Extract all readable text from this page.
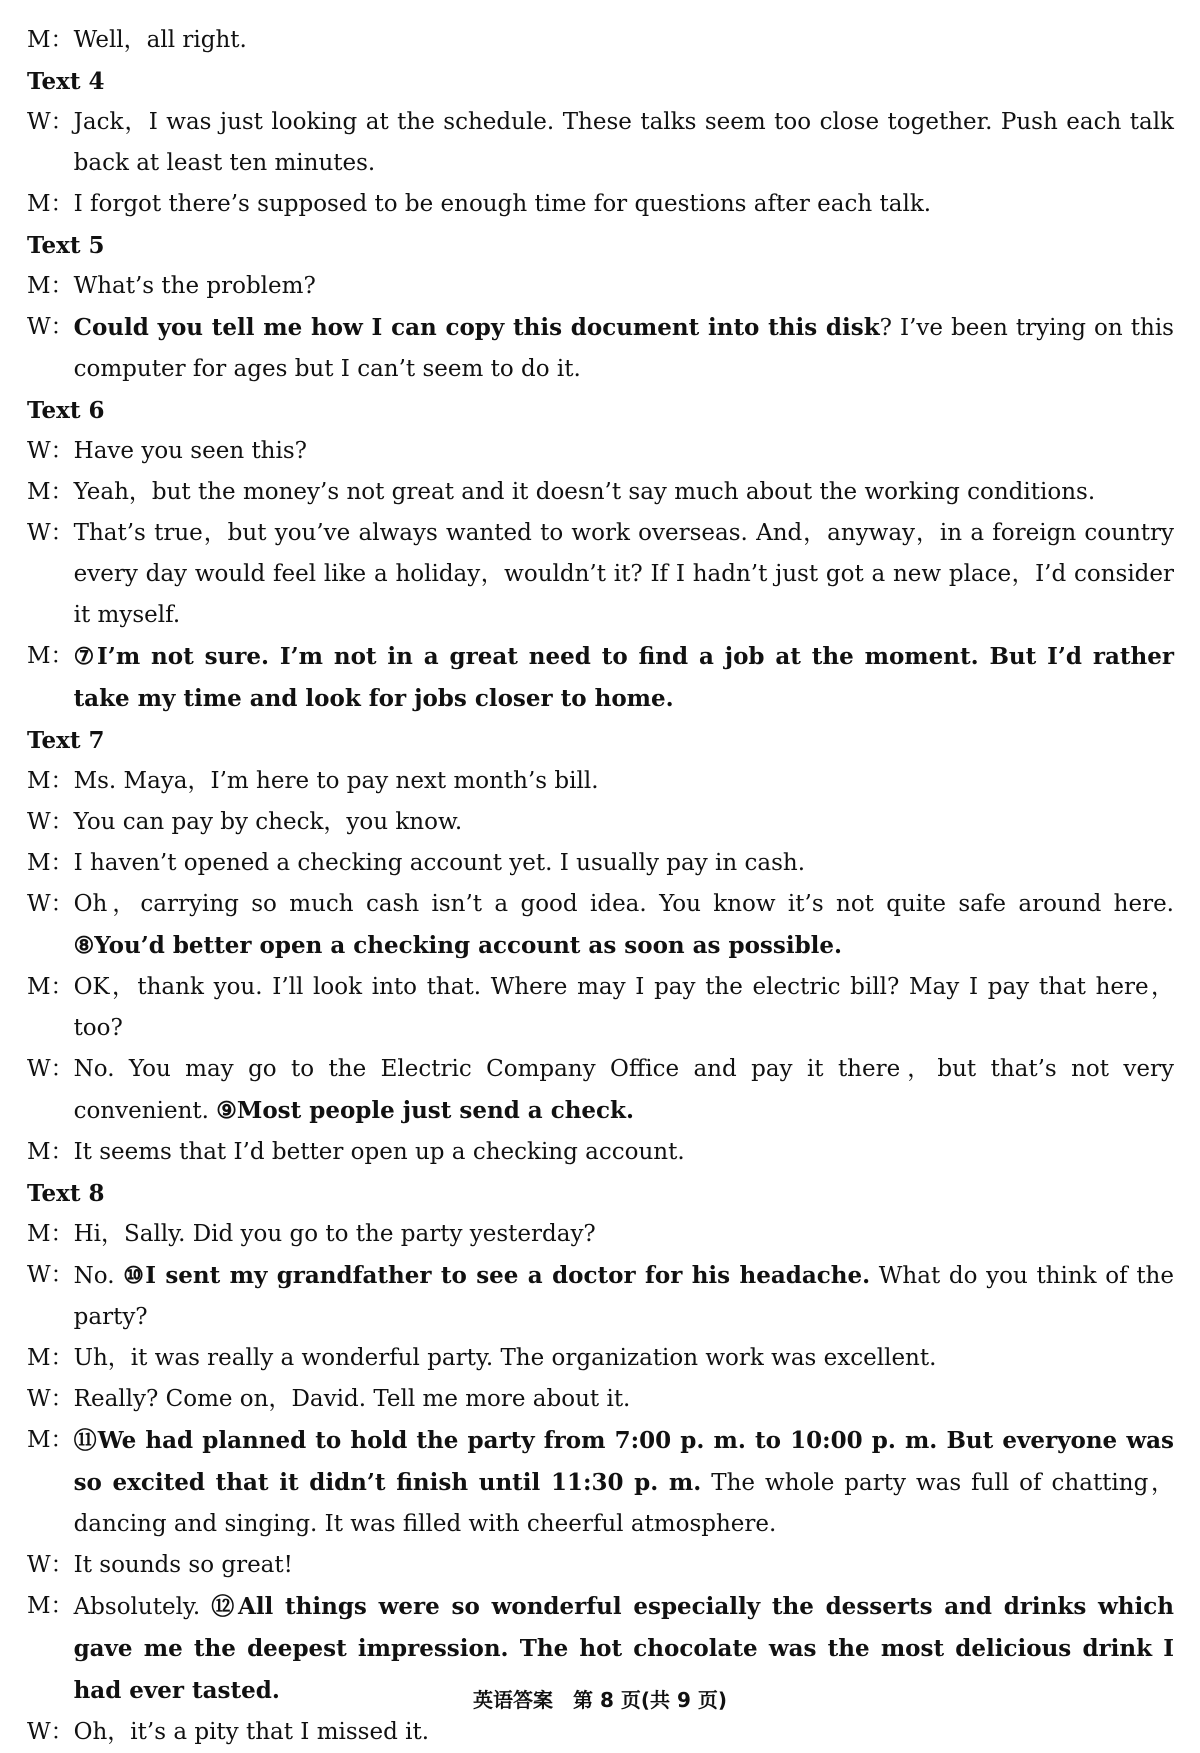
M： Well，all right.
Text 4
W： Jack，I was just looking at the schedule. These talks seem too close together. Push each talk back at least ten minutes.
M： I forgot there’s supposed to be enough time for questions after each talk.
Text 5
M： What’s the problem?
W： Could you tell me how I can copy this document into this disk? I’ve been trying on this computer for ages but I can’t seem to do it.
Text 6
W： Have you seen this?
M： Yeah，but the money’s not great and it doesn’t say much about the working conditions.
W： That’s true，but you’ve always wanted to work overseas. And，anyway，in a foreign country every day would feel like a holiday，wouldn’t it? If I hadn’t just got a new place，I’d consider it myself.
M： ⑦I’m not sure. I’m not in a great need to find a job at the moment. But I’d rather take my time and look for jobs closer to home.
Text 7
M： Ms. Maya，I’m here to pay next month’s bill.
W： You can pay by check，you know.
M： I haven’t opened a checking account yet. I usually pay in cash.
W： Oh，carrying so much cash isn’t a good idea. You know it’s not quite safe around here. ⑧You’d better open a checking account as soon as possible.
M： OK，thank you. I’ll look into that. Where may I pay the electric bill? May I pay that here，too?
W： No. You may go to the Electric Company Office and pay it there，but that’s not very convenient. ⑨Most people just send a check.
M： It seems that I’d better open up a checking account.
Text 8
M： Hi，Sally. Did you go to the party yesterday?
W： No. ⑩I sent my grandfather to see a doctor for his headache. What do you think of the party?
M： Uh，it was really a wonderful party. The organization work was excellent.
W： Really? Come on，David. Tell me more about it.
M： ⑪We had planned to hold the party from 7:00 p. m. to 10:00 p. m. But everyone was so excited that it didn’t finish until 11:30 p. m. The whole party was full of chatting，dancing and singing. It was filled with cheerful atmosphere.
W： It sounds so great!
M： Absolutely. ⑫All things were so wonderful especially the desserts and drinks which gave me the deepest impression. The hot chocolate was the most delicious drink I had ever tasted.
W： Oh，it’s a pity that I missed it.
英语答案　第 8 页(共 9 页)
